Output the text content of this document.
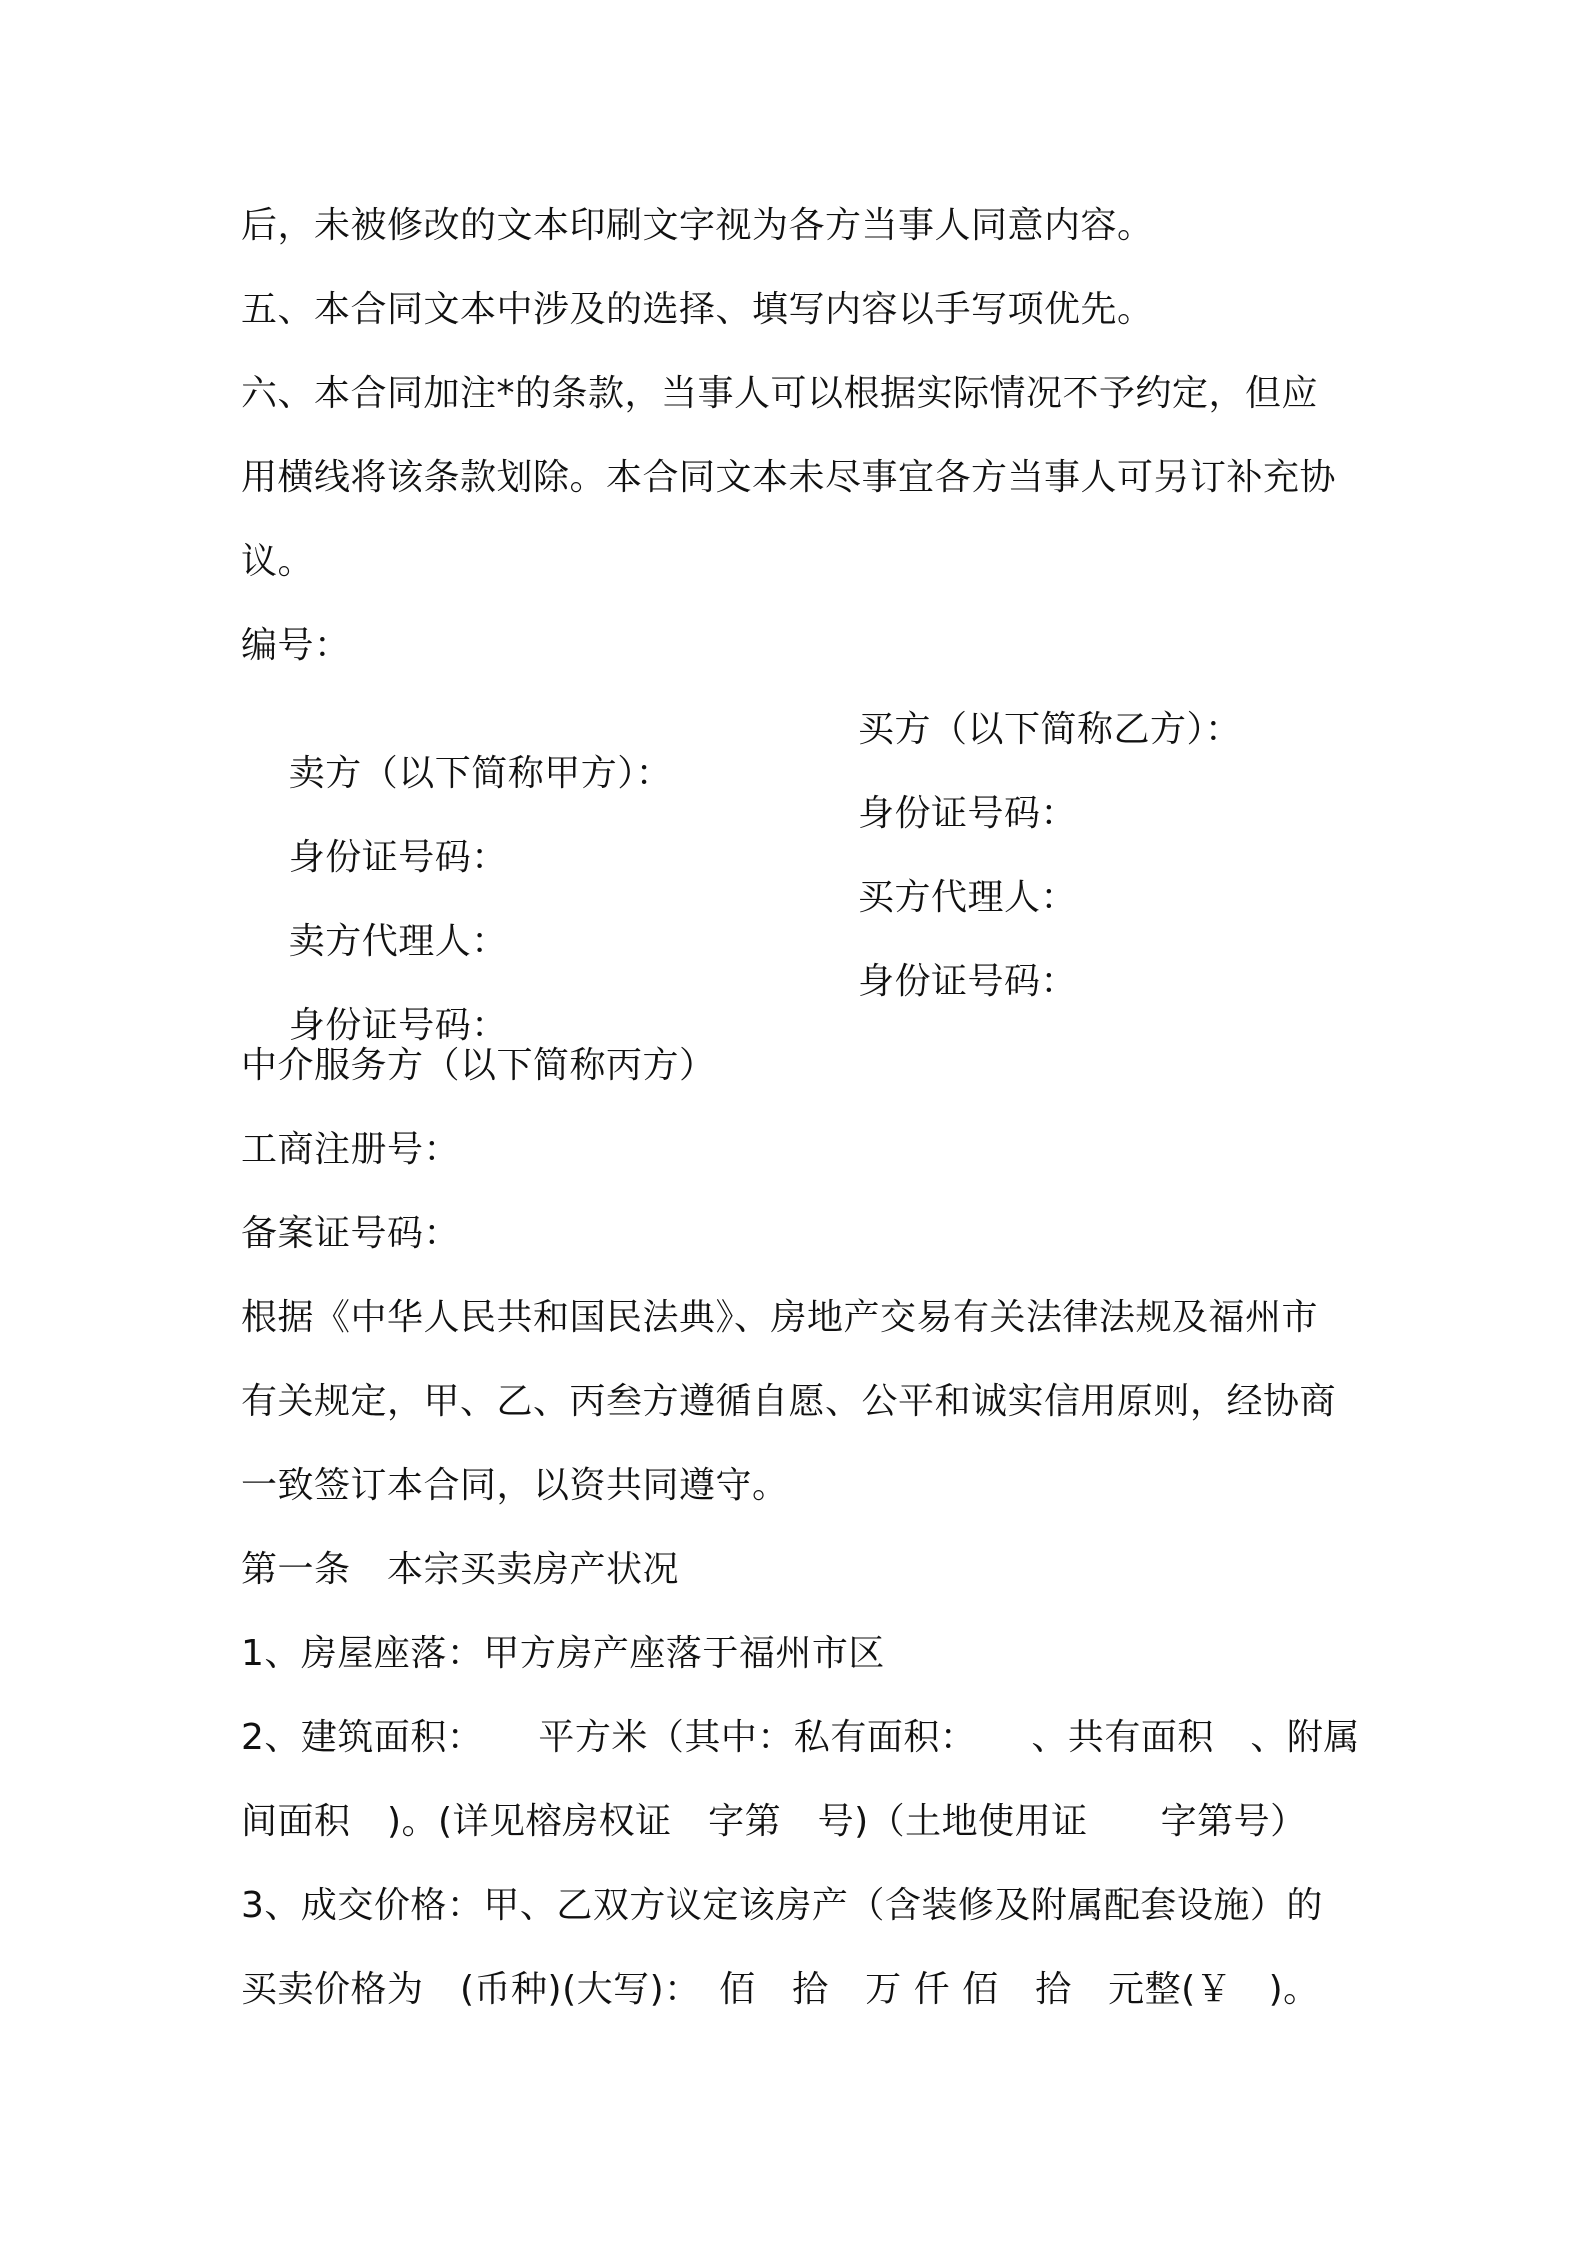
后，未被修改的文本印刷文字视为各方当事人同意内容。
五、本合同文本中涉及的选择、填写内容以手写项优先。
六、本合同加注*的条款，当事人可以根据实际情况不予约定，但应
用横线将该条款划除。本合同文本未尽事宜各方当事人可另订补充协
议。
编号：

卖方（以下简称甲方）：

买方（以下简称乙方）：

身份证号码：

身份证号码：

卖方代理人：

买方代理人：

身份证号码：

身份证号码：

中介服务方（以下简称丙方）
工商注册号：
备案证号码：
根据《中华人民共和国民法典》、房地产交易有关法律法规及福州市
有关规定，甲、乙、丙叁方遵循自愿、公平和诚实信用原则，经协商
一致签订本合同，以资共同遵守。
第一条　本宗买卖房产状况
1、房屋座落：甲方房产座落于福州市区
2、建筑面积：　　平方米（其中：私有面积：　　、共有面积　、附属
间面积　)。(详见榕房权证　字第　号)（土地使用证　　字第号）
3、成交价格：甲、乙双方议定该房产（含装修及附属配套设施）的
买卖价格为　(币种)(大写)：　佰　拾　万 仟 佰　拾　元整(￥　)。
